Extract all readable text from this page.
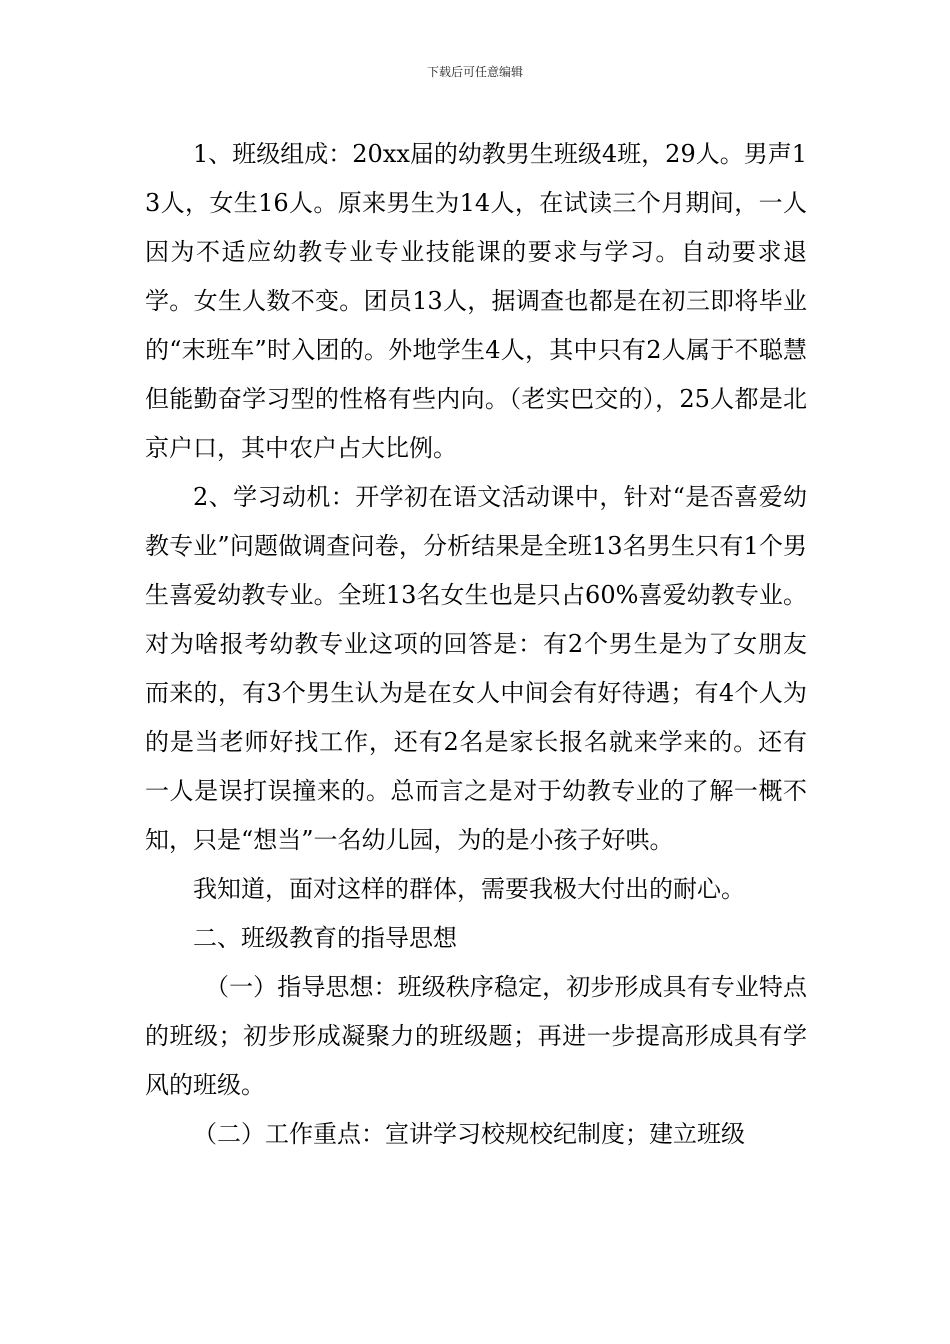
下载后可任意编辑

1、班级组成：20xx届的幼教男生班级4班，29人。男声13人，女生16人。原来男生为14人，在试读三个月期间，一人因为不适应幼教专业专业技能课的要求与学习。自动要求退学。女生人数不变。团员13人，据调查也都是在初三即将毕业的“末班车”时入团的。外地学生4人，其中只有2人属于不聪慧但能勤奋学习型的性格有些内向。（老实巴交的），25人都是北京户口，其中农户占大比例。

2、学习动机：开学初在语文活动课中，针对“是否喜爱幼教专业”问题做调查问卷，分析结果是全班13名男生只有1个男生喜爱幼教专业。全班13名女生也是只占60%喜爱幼教专业。对为啥报考幼教专业这项的回答是：有2个男生是为了女朋友而来的，有3个男生认为是在女人中间会有好待遇；有4个人为的是当老师好找工作，还有2名是家长报名就来学来的。还有一人是误打误撞来的。总而言之是对于幼教专业的了解一概不知，只是“想当”一名幼儿园，为的是小孩子好哄。

我知道，面对这样的群体，需要我极大付出的耐心。

二、班级教育的指导思想

（一）指导思想：班级秩序稳定，初步形成具有专业特点的班级；初步形成凝聚力的班级题；再进一步提高形成具有学风的班级。

（二）工作重点：宣讲学习校规校纪制度；建立班级
